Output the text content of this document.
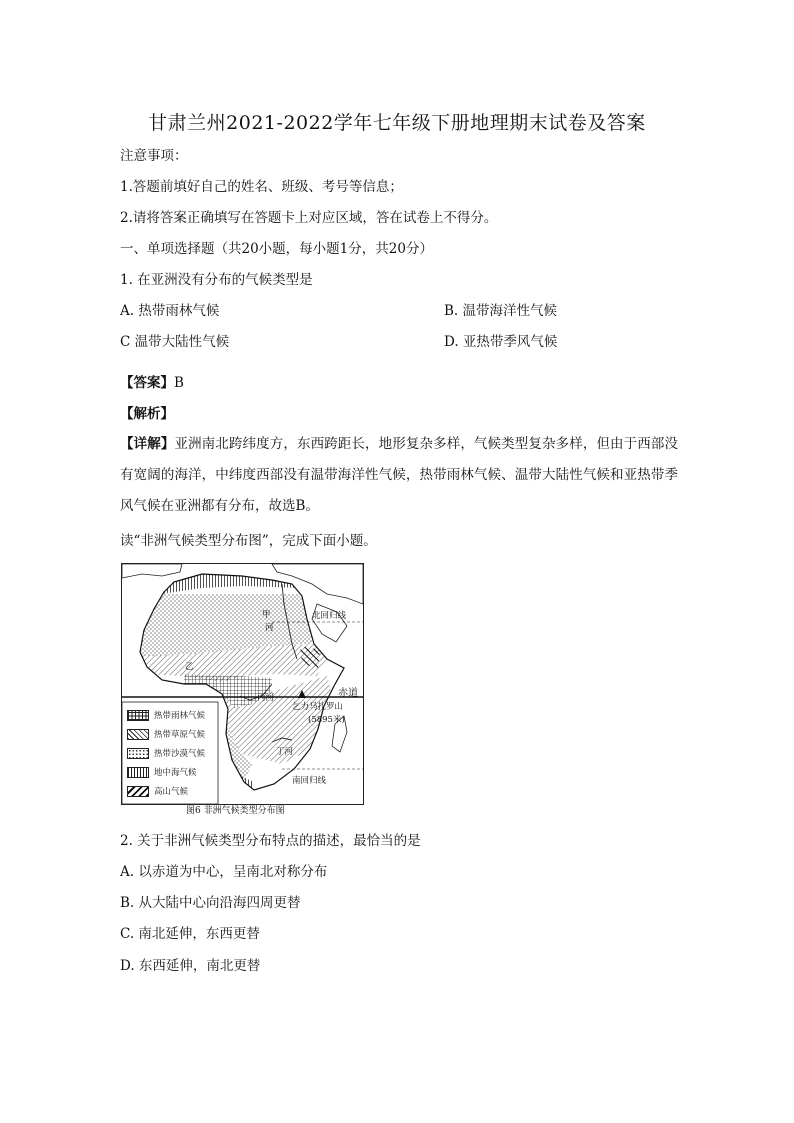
甘肃兰州2021-2022学年七年级下册地理期末试卷及答案
注意事项：
1.答题前填好自己的姓名、班级、考号等信息；
2.请将答案正确填写在答题卡上对应区域，答在试卷上不得分。
一、单项选择题（共20小题，每小题1分，共20分）
1. 在亚洲没有分布的气候类型是
A. 热带雨林气候	B. 温带海洋性气候
C 温带大陆性气候	D. 亚热带季风气候
【答案】B
【解析】
【详解】亚洲南北跨纬度方，东西跨距长，地形复杂多样，气候类型复杂多样，但由于西部没有宽阔的海洋，中纬度西部没有温带海洋性气候，热带雨林气候、温带大陆性气候和亚热带季风气候在亚洲都有分布，故选B。
读“非洲气候类型分布图”，完成下面小题。
热带雨林气候
热带草原气候
热带沙漠气候
地中海气候
高山气候
北回归线
甲
河
乙
赤道
丙河
乞力马扎罗山
(5895米)
丁河
南回归线
图6 非洲气候类型分布图
2. 关于非洲气候类型分布特点的描述，最恰当的是
A. 以赤道为中心，呈南北对称分布
B. 从大陆中心向沿海四周更替
C. 南北延伸，东西更替
D. 东西延伸，南北更替
